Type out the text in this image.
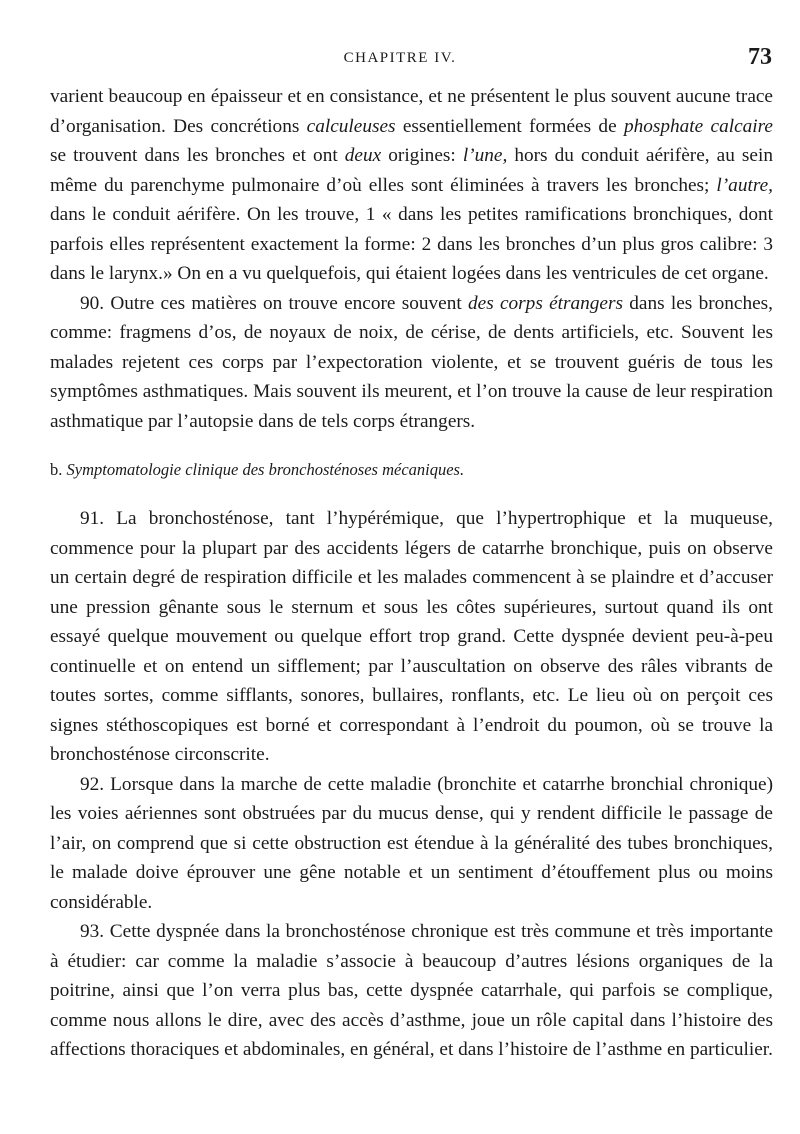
CHAPITRE IV.	73

varient beaucoup en épaisseur et en consistance, et ne présentent le plus souvent aucune trace d’organisation. Des concrétions calculeuses essentiellement formées de phosphate calcaire se trouvent dans les bronches et ont deux origines: l’une, hors du conduit aérifère, au sein même du parenchyme pulmonaire d’où elles sont éliminées à travers les bronches; l’autre, dans le conduit aérifère. On les trouve, 1 « dans les petites ramifications bronchiques, dont parfois elles représentent exactement la forme: 2 dans les bronches d’un plus gros calibre: 3 dans le larynx.» On en a vu quelquefois, qui étaient logées dans les ventricules de cet organe.

90. Outre ces matières on trouve encore souvent des corps étrangers dans les bronches, comme: fragmens d’os, de noyaux de noix, de cérise, de dents artificiels, etc. Souvent les malades rejetent ces corps par l’expectoration violente, et se trouvent guéris de tous les symptômes asthmatiques. Mais souvent ils meurent, et l’on trouve la cause de leur respiration asthmatique par l’autopsie dans de tels corps étrangers.

b. Symptomatologie clinique des bronchosténoses mécaniques.

91. La bronchosténose, tant l’hypérémique, que l’hypertrophique et la muqueuse, commence pour la plupart par des accidents légers de catarrhe bronchique, puis on observe un certain degré de respiration difficile et les malades commencent à se plaindre et d’accuser une pression gênante sous le sternum et sous les côtes supérieures, surtout quand ils ont essayé quelque mouvement ou quelque effort trop grand. Cette dyspnée devient peu-à-peu continuelle et on entend un sifflement; par l’auscultation on observe des râles vibrants de toutes sortes, comme sifflants, sonores, bullaires, ronflants, etc. Le lieu où on perçoit ces signes stéthoscopiques est borné et correspondant à l’endroit du poumon, où se trouve la bronchosténose circonscrite.

92. Lorsque dans la marche de cette maladie (bronchite et catarrhe bronchial chronique) les voies aériennes sont obstruées par du mucus dense, qui y rendent difficile le passage de l’air, on comprend que si cette obstruction est étendue à la généralité des tubes bronchiques, le malade doive éprouver une gêne notable et un sentiment d’étouffement plus ou moins considérable.

93. Cette dyspnée dans la bronchosténose chronique est très commune et très importante à étudier: car comme la maladie s’associe à beaucoup d’autres lésions organiques de la poitrine, ainsi que l’on verra plus bas, cette dyspnée catarrhale, qui parfois se complique, comme nous allons le dire, avec des accès d’asthme, joue un rôle capital dans l’histoire des affections thoraciques et abdominales, en général, et dans l’histoire de l’asthme en particulier.
